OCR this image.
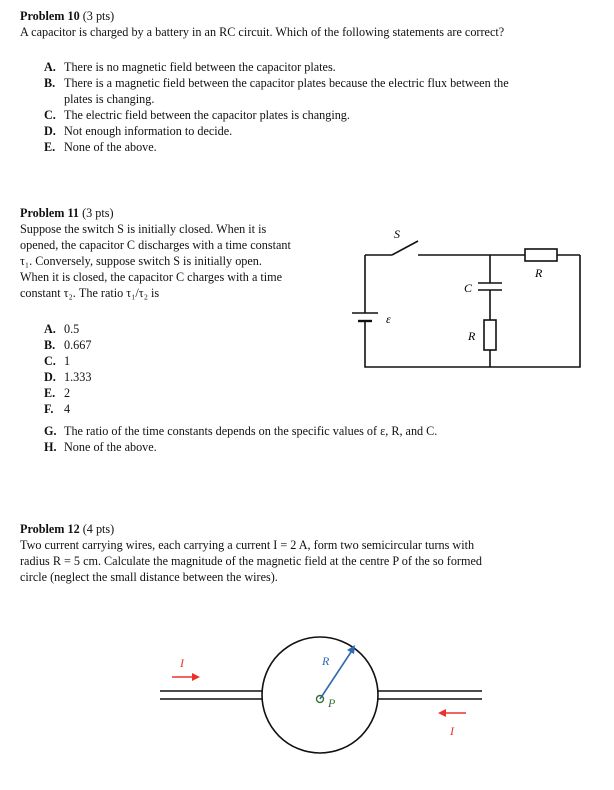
Problem 10 (3 pts)
A capacitor is charged by a battery in an RC circuit. Which of the following statements are correct?
A. There is no magnetic field between the capacitor plates.
B. There is a magnetic field between the capacitor plates because the electric flux between the
plates is changing.
C. The electric field between the capacitor plates is changing.
D. Not enough information to decide.
E. None of the above.
Problem 11 (3 pts)
Suppose the switch S is initially closed. When it is
opened, the capacitor C discharges with a time constant
τ₁. Conversely, suppose switch S is initially open.
When it is closed, the capacitor C charges with a time
constant τ₂. The ratio τ₁/τ₂ is
A. 0.5
B. 0.667
C. 1
D. 1.333
E. 2
F. 4
G. The ratio of the time constants depends on the specific values of ε, R, and C.
H. None of the above.
S
ε
C
R
R
Problem 12 (4 pts)
Two current carrying wires, each carrying a current I = 2 A, form two semicircular turns with
radius R = 5 cm. Calculate the magnitude of the magnetic field at the centre P of the so formed
circle (neglect the small distance between the wires).
I
I
R
P
